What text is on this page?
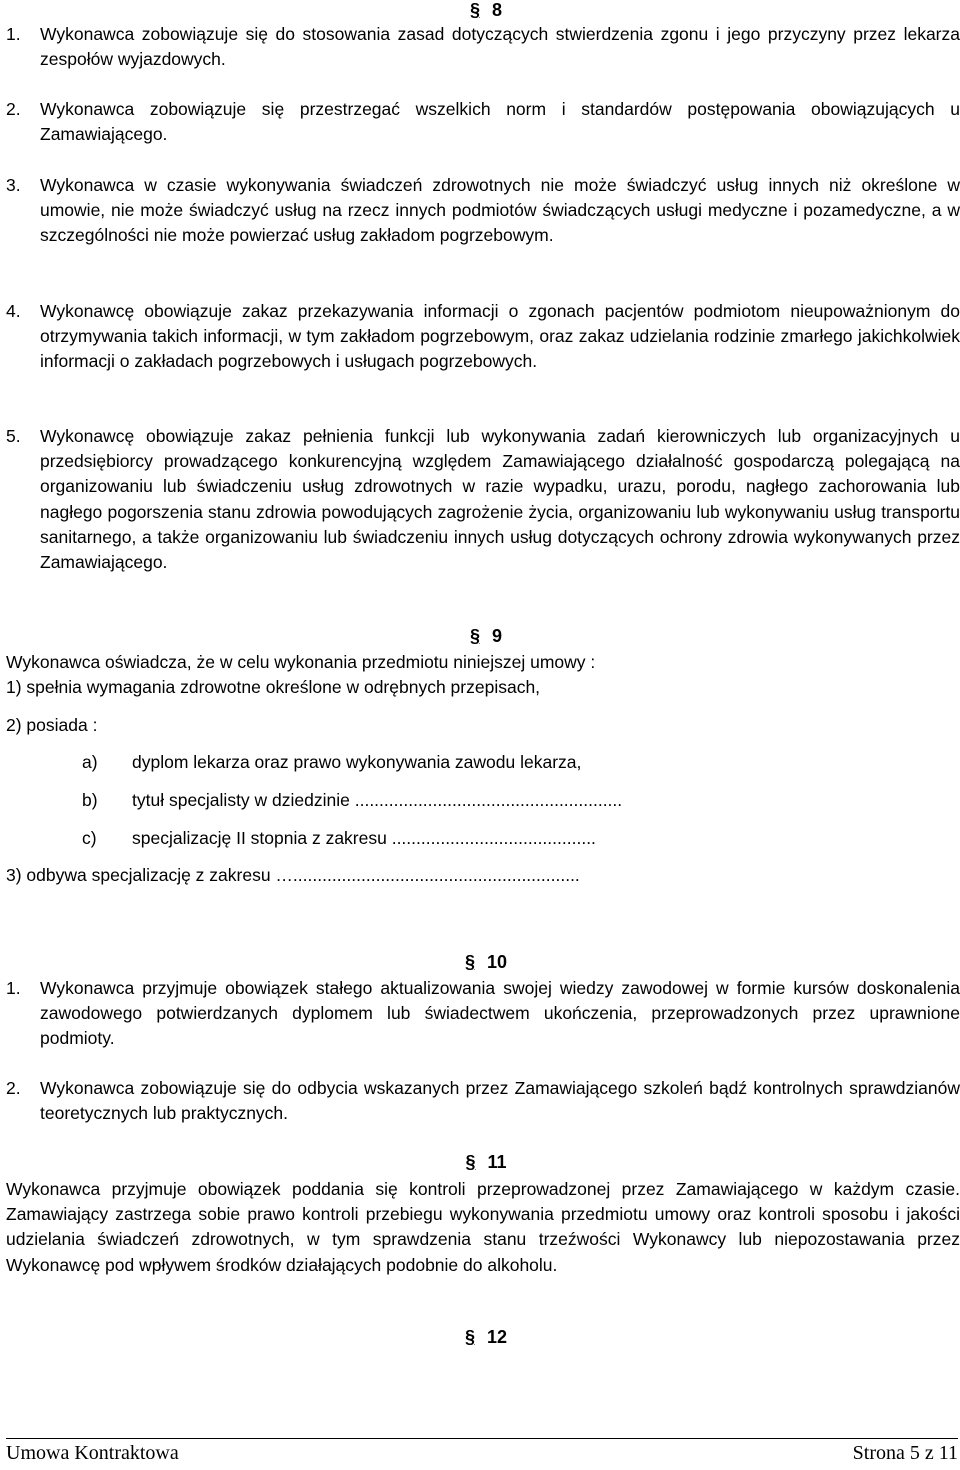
§ 8
1. Wykonawca zobowiązuje się do stosowania zasad dotyczących stwierdzenia zgonu i jego przyczyny przez lekarza zespołów wyjazdowych.
2. Wykonawca zobowiązuje się przestrzegać wszelkich norm i standardów postępowania obowiązujących u Zamawiającego.
3. Wykonawca w czasie wykonywania świadczeń zdrowotnych nie może świadczyć usług innych niż określone w umowie, nie może świadczyć usług na rzecz innych podmiotów świadczących usługi medyczne i pozamedyczne, a w szczególności nie może powierzać usług zakładom pogrzebowym.
4. Wykonawcę obowiązuje zakaz przekazywania informacji o zgonach pacjentów podmiotom nieupoważnionym do otrzymywania takich informacji, w tym zakładom pogrzebowym, oraz zakaz udzielania rodzinie zmarłego jakichkolwiek informacji o zakładach pogrzebowych i usługach pogrzebowych.
5. Wykonawcę obowiązuje zakaz pełnienia funkcji lub wykonywania zadań kierowniczych lub organizacyjnych u przedsiębiorcy prowadzącego konkurencyjną względem Zamawiającego działalność gospodarczą polegającą na organizowaniu lub świadczeniu usług zdrowotnych w razie wypadku, urazu, porodu, nagłego zachorowania lub nagłego pogorszenia stanu zdrowia powodujących zagrożenie życia, organizowaniu lub wykonywaniu usług transportu sanitarnego, a także organizowaniu lub świadczeniu innych usług dotyczących ochrony zdrowia wykonywanych przez Zamawiającego.
§ 9
Wykonawca oświadcza, że w celu wykonania przedmiotu niniejszej umowy :
1) spełnia wymagania zdrowotne określone w odrębnych przepisach,
2) posiada :
a) dyplom lekarza oraz prawo wykonywania zawodu lekarza,
b) tytuł specjalisty w dziedzinie .......................................................
c) specjalizację II stopnia z zakresu ..........................................
3) odbywa specjalizację z zakresu …...........................................................
§ 10
1. Wykonawca przyjmuje obowiązek stałego aktualizowania swojej wiedzy zawodowej w formie kursów doskonalenia zawodowego potwierdzanych dyplomem lub świadectwem ukończenia, przeprowadzonych przez uprawnione podmioty.
2. Wykonawca zobowiązuje się do odbycia wskazanych przez Zamawiającego szkoleń bądź kontrolnych sprawdzianów teoretycznych lub praktycznych.
§ 11
Wykonawca przyjmuje obowiązek poddania się kontroli przeprowadzonej przez Zamawiającego w każdym czasie. Zamawiający zastrzega sobie prawo kontroli przebiegu wykonywania przedmiotu umowy oraz kontroli sposobu i jakości udzielania świadczeń zdrowotnych, w tym sprawdzenia stanu trzeźwości Wykonawcy lub niepozostawania przez Wykonawcę pod wpływem środków działających podobnie do alkoholu.
§ 12
Umowa Kontraktowa	Strona 5 z 11
